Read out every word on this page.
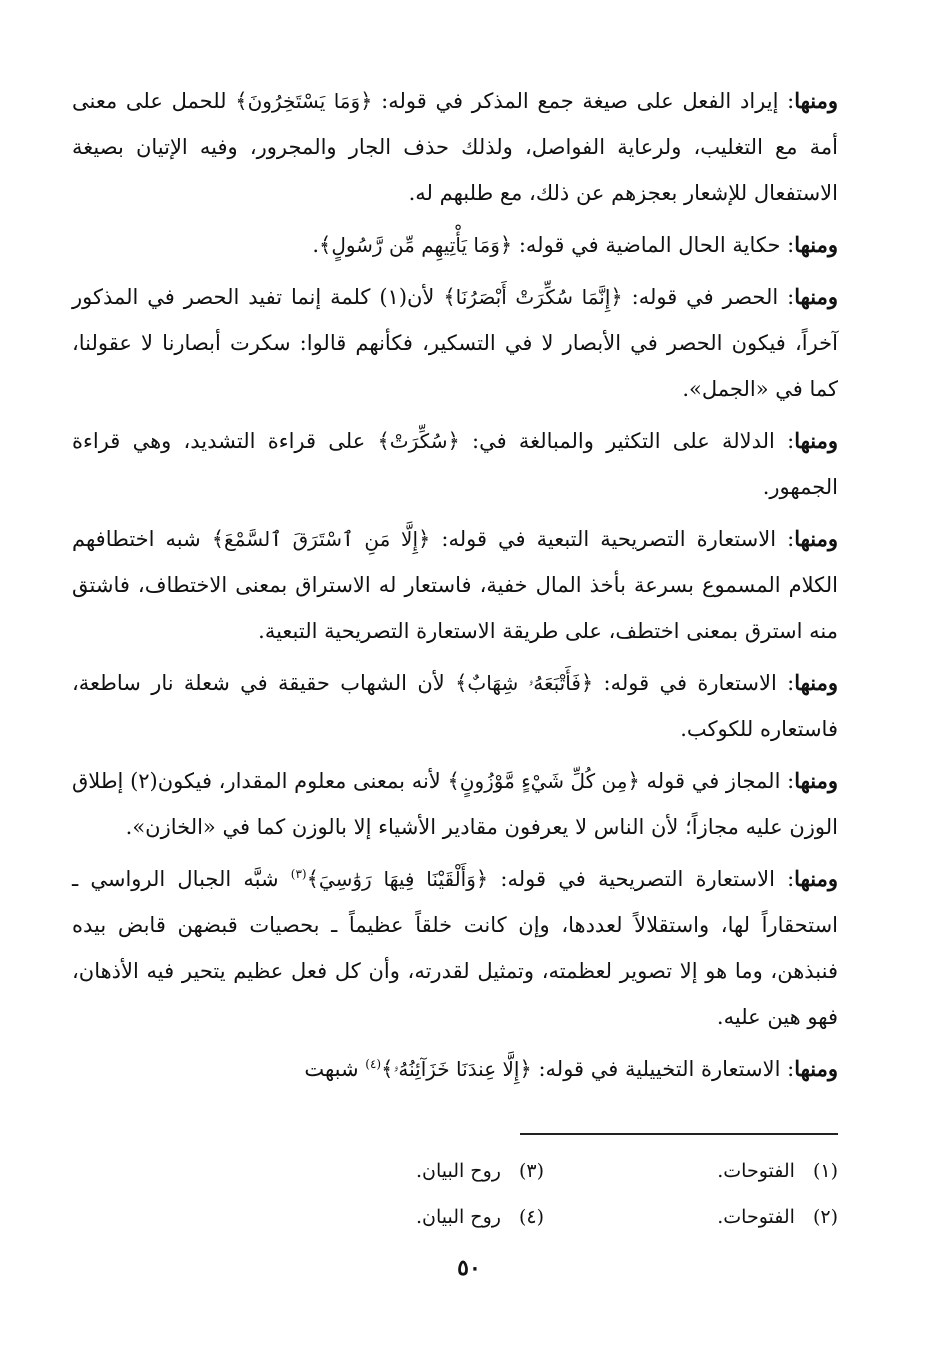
ومنها: إيراد الفعل على صيغة جمع المذكر في قوله: ﴿وَمَا يَسْتَخِرُونَ﴾ للحمل على معنى أمة مع التغليب، ولرعاية الفواصل، ولذلك حذف الجار والمجرور، وفيه الإتيان بصيغة الاستفعال للإشعار بعجزهم عن ذلك، مع طلبهم له.

ومنها: حكاية الحال الماضية في قوله: ﴿وَمَا يَأْتِيهِم مِّن رَّسُولٍ﴾.

ومنها: الحصر في قوله: ﴿إِنَّمَا سُكِّرَتْ أَبْصَرُنَا﴾ لأن(١) كلمة إنما تفيد الحصر في المذكور آخراً، فيكون الحصر في الأبصار لا في التسكير، فكأنهم قالوا: سكرت أبصارنا لا عقولنا، كما في «الجمل».

ومنها: الدلالة على التكثير والمبالغة في: ﴿سُكِّرَتْ﴾ على قراءة التشديد، وهي قراءة الجمهور.

ومنها: الاستعارة التصريحية التبعية في قوله: ﴿إِلَّا مَنِ ٱسْتَرَقَ ٱلسَّمْعَ﴾ شبه اختطافهم الكلام المسموع بسرعة بأخذ المال خفية، فاستعار له الاستراق بمعنى الاختطاف، فاشتق منه استرق بمعنى اختطف، على طريقة الاستعارة التصريحية التبعية.

ومنها: الاستعارة في قوله: ﴿فَأَتْبَعَهُۥ شِهَابٌ﴾ لأن الشهاب حقيقة في شعلة نار ساطعة، فاستعاره للكوكب.

ومنها: المجاز في قوله ﴿مِن كُلِّ شَيْءٍ مَّوْزُونٍ﴾ لأنه بمعنى معلوم المقدار، فيكون(٢) إطلاق الوزن عليه مجازاً؛ لأن الناس لا يعرفون مقادير الأشياء إلا بالوزن كما في «الخازن».

ومنها: الاستعارة التصريحية في قوله: ﴿وَأَلْقَيْنَا فِيهَا رَوَٰسِيَ﴾$^{(٣)}$ شبَّه الجبال الرواسي ـ استحقاراً لها، واستقلالاً لعددها، وإن كانت خلقاً عظيماً ـ بحصيات قبضهن قابض بيده فنبذهن، وما هو إلا تصوير لعظمته، وتمثيل لقدرته، وأن كل فعل عظيم يتحير فيه الأذهان، فهو هين عليه.

ومنها: الاستعارة التخييلية في قوله: ﴿إِلَّا عِندَنَا خَزَآئِنُهُۥ﴾$^{(٤)}$ شبهت

(١)الفتوحات.
(٣)روح البيان.
(٢)الفتوحات.
(٤)روح البيان.
٥٠
